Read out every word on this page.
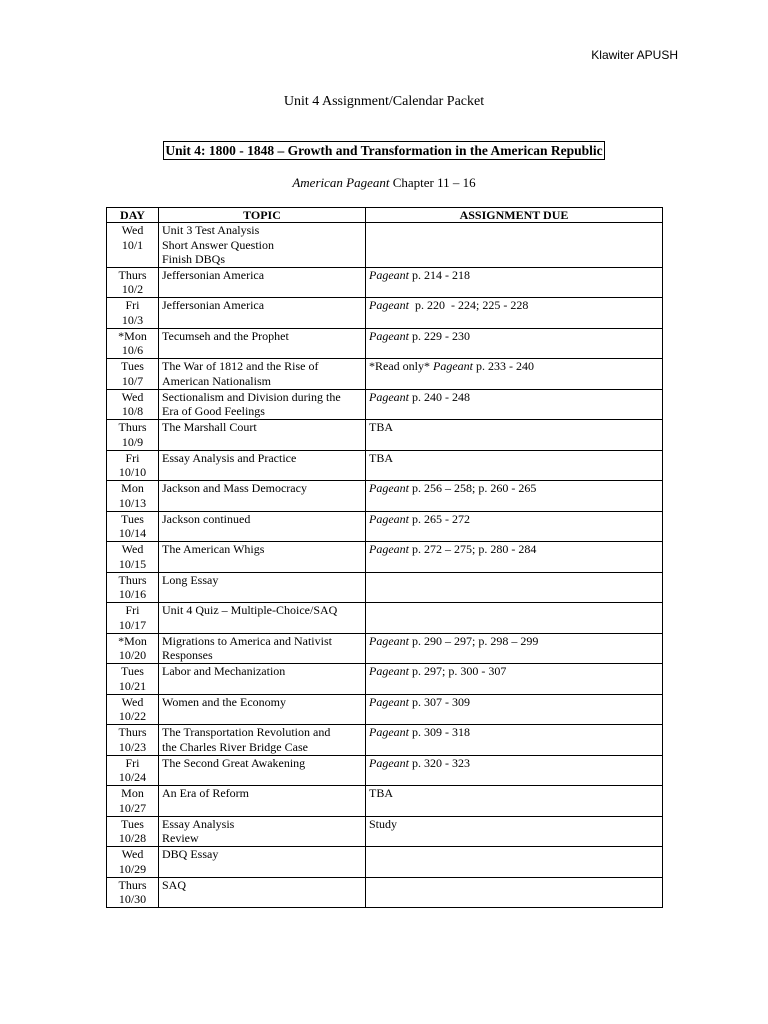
Klawiter APUSH
Unit 4 Assignment/Calendar Packet
Unit 4: 1800 - 1848 – Growth and Transformation in the American Republic
American Pageant Chapter 11 – 16
DAY	TOPIC	ASSIGNMENT DUE

Wed
10/1	Unit 3 Test Analysis
Short Answer Question
Finish DBQs	

Thurs
10/2	Jeffersonian America	Pageant p. 214 - 218

Fri
10/3	Jeffersonian America	Pageant  p. 220  - 224; 225 - 228

*Mon
10/6	Tecumseh and the Prophet	Pageant p. 229 - 230

Tues
10/7	The War of 1812 and the Rise of
American Nationalism	*Read only* Pageant p. 233 - 240

Wed
10/8	Sectionalism and Division during the
Era of Good Feelings	Pageant p. 240 - 248

Thurs
10/9	The Marshall Court	TBA

Fri
10/10	Essay Analysis and Practice	TBA

Mon
10/13	Jackson and Mass Democracy	Pageant p. 256 – 258; p. 260 - 265

Tues
10/14	Jackson continued	Pageant p. 265 - 272

Wed
10/15	The American Whigs	Pageant p. 272 – 275; p. 280 - 284

Thurs
10/16	Long Essay	

Fri
10/17	Unit 4 Quiz – Multiple-Choice/SAQ	

*Mon
10/20	Migrations to America and Nativist
Responses	Pageant p. 290 – 297; p. 298 – 299

Tues
10/21	Labor and Mechanization	Pageant p. 297; p. 300 - 307

Wed
10/22	Women and the Economy	Pageant p. 307 - 309

Thurs
10/23	The Transportation Revolution and
the Charles River Bridge Case	Pageant p. 309 - 318

Fri
10/24	The Second Great Awakening	Pageant p. 320 - 323

Mon
10/27	An Era of Reform	TBA

Tues
10/28	Essay Analysis
Review	Study

Wed
10/29	DBQ Essay	

Thurs
10/30	SAQ	
